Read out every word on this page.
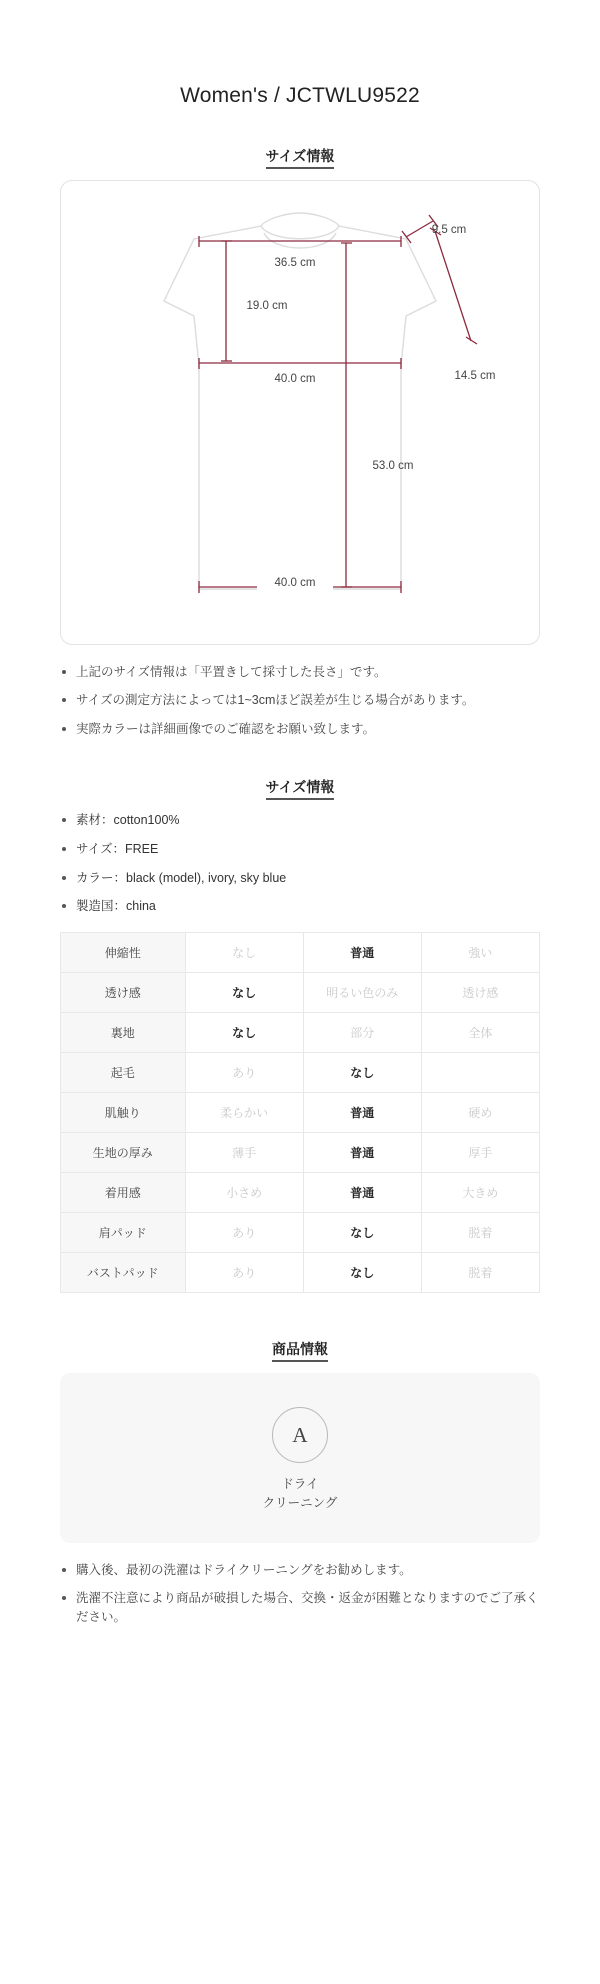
Women's / JCTWLU9522
サイズ情報
36.5 cm
9.5 cm
19.0 cm
14.5 cm
40.0 cm
53.0 cm
40.0 cm
上記のサイズ情報は「平置きして採寸した長さ」です。
サイズの測定方法によっては1~3cmほど誤差が生じる場合があります。
実際カラーは詳細画像でのご確認をお願い致します。
サイズ情報
素材：cotton100%
サイズ：FREE
カラー：black (model), ivory, sky blue
製造国：china
伸縮性	なし	普通	強い
透け感	なし	明るい色のみ	透け感
裏地	なし	部分	全体
起毛	あり	なし	
肌触り	柔らかい	普通	硬め
生地の厚み	薄手	普通	厚手
着用感	小さめ	普通	大きめ
肩パッド	あり	なし	脱着
バストパッド	あり	なし	脱着
商品情報
A
ドライ
クリーニング
購入後、最初の洗濯はドライクリーニングをお勧めします。
洗濯不注意により商品が破損した場合、交換・返金が困難となりますのでご了承ください。
